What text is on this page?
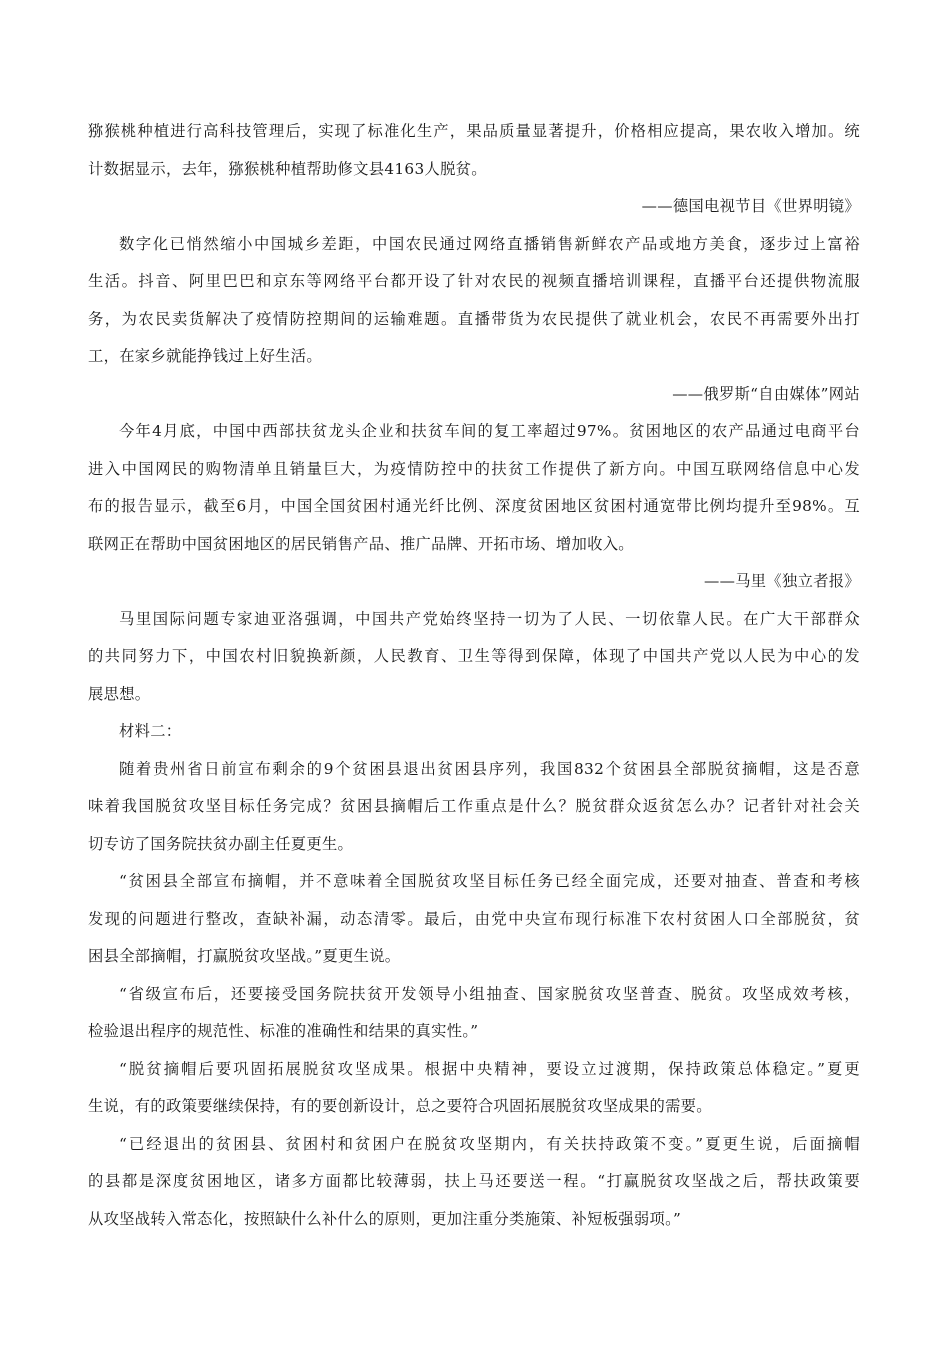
猕猴桃种植进行高科技管理后，实现了标准化生产，果品质量显著提升，价格相应提高，果农收入增加。统
计数据显示，去年，猕猴桃种植帮助修文县4163人脱贫。
——德国电视节目《世界明镜》
数字化已悄然缩小中国城乡差距，中国农民通过网络直播销售新鲜农产品或地方美食，逐步过上富裕
生活。抖音、阿里巴巴和京东等网络平台都开设了针对农民的视频直播培训课程，直播平台还提供物流服
务，为农民卖货解决了疫情防控期间的运输难题。直播带货为农民提供了就业机会，农民不再需要外出打
工，在家乡就能挣钱过上好生活。
——俄罗斯“自由媒体”网站
今年4月底，中国中西部扶贫龙头企业和扶贫车间的复工率超过97%。贫困地区的农产品通过电商平台
进入中国网民的购物清单且销量巨大，为疫情防控中的扶贫工作提供了新方向。中国互联网络信息中心发
布的报告显示，截至6月，中国全国贫困村通光纤比例、深度贫困地区贫困村通宽带比例均提升至98%。互
联网正在帮助中国贫困地区的居民销售产品、推广品牌、开拓市场、增加收入。
——马里《独立者报》
马里国际问题专家迪亚洛强调，中国共产党始终坚持一切为了人民、一切依靠人民。在广大干部群众
的共同努力下，中国农村旧貌换新颜，人民教育、卫生等得到保障，体现了中国共产党以人民为中心的发
展思想。
材料二：
随着贵州省日前宣布剩余的9个贫困县退出贫困县序列，我国832个贫困县全部脱贫摘帽，这是否意
味着我国脱贫攻坚目标任务完成？贫困县摘帽后工作重点是什么？脱贫群众返贫怎么办？记者针对社会关
切专访了国务院扶贫办副主任夏更生。
“贫困县全部宣布摘帽，并不意味着全国脱贫攻坚目标任务已经全面完成，还要对抽查、普查和考核
发现的问题进行整改，查缺补漏，动态清零。最后，由党中央宣布现行标准下农村贫困人口全部脱贫，贫
困县全部摘帽，打赢脱贫攻坚战。”夏更生说。
“省级宣布后，还要接受国务院扶贫开发领导小组抽查、国家脱贫攻坚普查、脱贫。攻坚成效考核，
检验退出程序的规范性、标准的准确性和结果的真实性。”
“脱贫摘帽后要巩固拓展脱贫攻坚成果。根据中央精神，要设立过渡期，保持政策总体稳定。”夏更
生说，有的政策要继续保持，有的要创新设计，总之要符合巩固拓展脱贫攻坚成果的需要。
“已经退出的贫困县、贫困村和贫困户在脱贫攻坚期内，有关扶持政策不变。”夏更生说，后面摘帽
的县都是深度贫困地区，诸多方面都比较薄弱，扶上马还要送一程。“打赢脱贫攻坚战之后，帮扶政策要
从攻坚战转入常态化，按照缺什么补什么的原则，更加注重分类施策、补短板强弱项。”
